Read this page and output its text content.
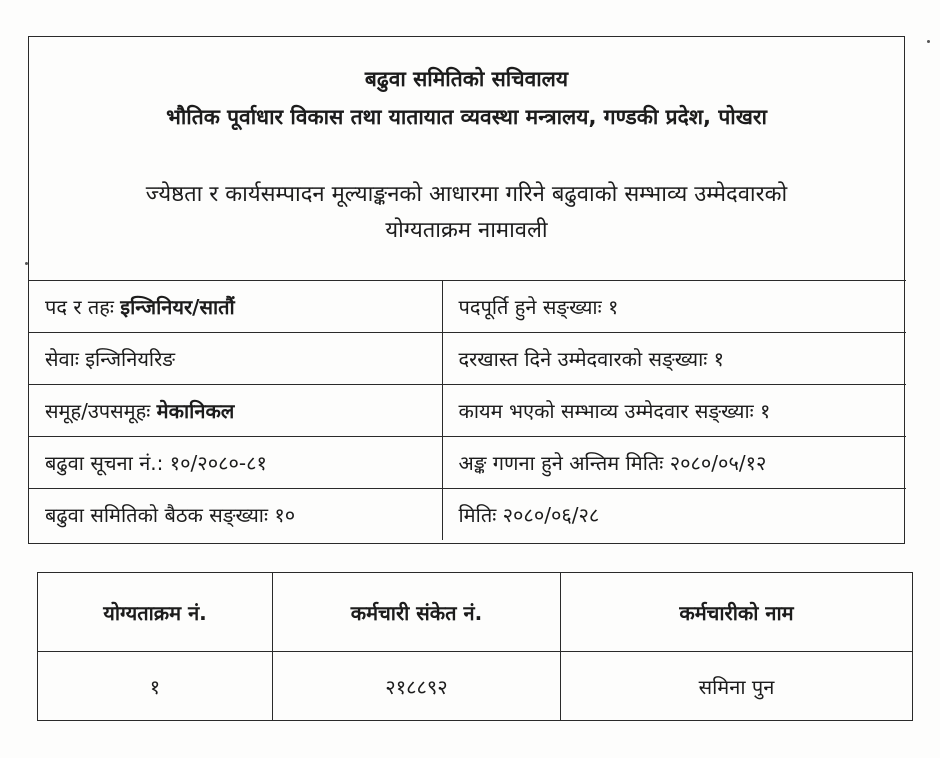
बढुवा समितिको सचिवालय
भौतिक पूर्वाधार विकास तथा यातायात व्यवस्था मन्त्रालय, गण्डकी प्रदेश, पोखरा
ज्येष्ठता र कार्यसम्पादन मूल्याङ्कनको आधारमा गरिने बढुवाको सम्भाव्य उम्मेदवारको
योग्यताक्रम नामावली
पद र तहः इन्जिनियर/सातौं	पदपूर्ति हुने सङ्ख्याः १
सेवाः इन्जिनियरिङ	दरखास्त दिने उम्मेदवारको सङ्ख्याः १
समूह/उपसमूहः मेकानिकल	कायम भएको सम्भाव्य उम्मेदवार सङ्ख्याः १
बढुवा सूचना नं.: १०/२०८०-८१	अङ्क गणना हुने अन्तिम मितिः २०८०/०५/१२
बढुवा समितिको बैठक सङ्ख्याः १०	मितिः २०८०/०६/२८
योग्यताक्रम नं.	कर्मचारी संकेत नं.	कर्मचारीको नाम
१	२१८८९२	समिना पुन
